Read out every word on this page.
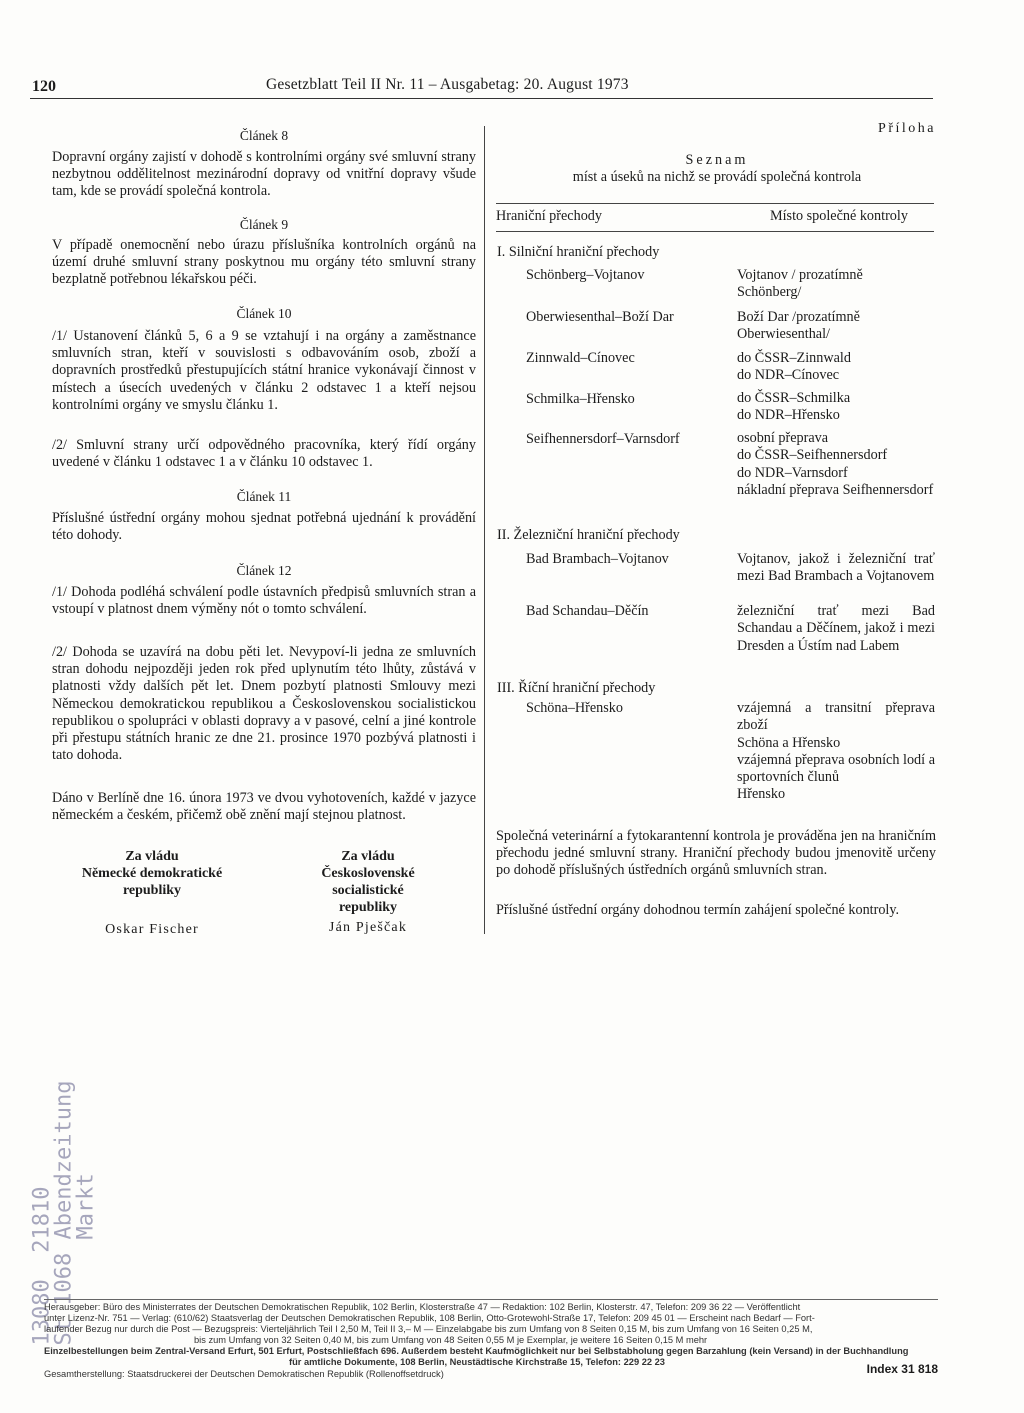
120	Gesetzblatt Teil II Nr. 11 – Ausgabetag: 20. August 1973
Článek 8

Dopravní orgány zajistí v dohodě s kontrolními orgány své smluvní strany nezbytnou oddělitelnost mezinárodní dopravy od vnitřní dopravy všude tam, kde se provádí společná kontrola.

Článek 9

V případě onemocnění nebo úrazu příslušníka kontrolních orgánů na území druhé smluvní strany poskytnou mu orgány této smluvní strany bezplatně potřebnou lékařskou péči.

Článek 10

/1/ Ustanovení článků 5, 6 a 9 se vztahují i na orgány a zaměstnance smluvních stran, kteří v souvislosti s odbavováním osob, zboží a dopravních prostředků přestupujících státní hranice vykonávají činnost v místech a úsecích uvedených v článku 2 odstavec 1 a kteří nejsou kontrolními orgány ve smyslu článku 1.

/2/ Smluvní strany určí odpovědného pracovníka, který řídí orgány uvedené v článku 1 odstavec 1 a v článku 10 odstavec 1.

Článek 11

Příslušné ústřední orgány mohou sjednat potřebná ujednání k provádění této dohody.

Článek 12

/1/ Dohoda podléhá schválení podle ústavních předpisů smluvních stran a vstoupí v platnost dnem výměny nót o tomto schválení.

/2/ Dohoda se uzavírá na dobu pěti let. Nevypoví-li jedna ze smluvních stran dohodu nejpozději jeden rok před uplynutím této lhůty, zůstává v platnosti vždy dalších pět let. Dnem pozbytí platnosti Smlouvy mezi Německou demokratickou republikou a Československou socialistickou republikou o spolupráci v oblasti dopravy a v pasové, celní a jiné kontrole při přestupu státních hranic ze dne 21. prosince 1970 pozbývá platnosti i tato dohoda.

Dáno v Berlíně dne 16. února 1973 ve dvou vyhotoveních, každé v jazyce německém a českém, přičemž obě znění mají stejnou platnost.

Za vládu
Německé demokratické
republiky
Za vládu
Československé
socialistické
republiky
Oskar Fischer	Ján Pješčak
Příloha
Seznam
míst a úseků na nichž se provádí společná kontrola
Hraniční přechody	Místo společné kontroly
I. Silniční hraniční přechody
Schönberg–Vojtanov	Vojtanov / prozatímně Schönberg/
Oberwiesenthal–Boží Dar	Boží Dar /prozatímně Oberwiesenthal/
Zinnwald–Cínovec	do ČSSR–Zinnwald
do NDR–Cínovec
Schmilka–Hřensko	do ČSSR–Schmilka
do NDR–Hřensko
Seifhennersdorf–Varnsdorf	osobní přeprava
do ČSSR–Seifhennersdorf
do NDR–Varnsdorf
nákladní přeprava Seifhennersdorf
II. Železniční hraniční přechody
Bad Brambach–Vojtanov	Vojtanov, jakož i železniční trať mezi Bad Brambach a Vojtanovem
Bad Schandau–Děčín	železniční trať mezi Bad Schandau a Děčínem, jakož i mezi Dresden a Ústím nad Labem
III. Říční hraniční přechody
Schöna–Hřensko	vzájemná a transitní přeprava zboží
Schöna a Hřensko
vzájemná přeprava osobních lodí a sportovních člunů
Hřensko

Společná veterinární a fytokarantenní kontrola je prováděna jen na hraničním přechodu jedné smluvní strany. Hraniční přechody budou jmenovitě určeny po dohodě příslušných ústředních orgánů smluvních stran.

Příslušné ústřední orgány dohodnou termín zahájení společné kontroly.

13080  21810
St 1068 Abendzeitung
Markt
Herausgeber: Büro des Ministerrates der Deutschen Demokratischen Republik, 102 Berlin, Klosterstraße 47 — Redaktion: 102 Berlin, Klosterstr. 47, Telefon: 209 36 22 — Veröffentlicht
unter Lizenz-Nr. 751 — Verlag: (610/62) Staatsverlag der Deutschen Demokratischen Republik, 108 Berlin, Otto-Grotewohl-Straße 17, Telefon: 209 45 01 — Erscheint nach Bedarf — Fort-
laufender Bezug nur durch die Post — Bezugspreis: Vierteljährlich Teil I 2,50 M, Teil II 3,– M — Einzelabgabe bis zum Umfang von 8 Seiten 0,15 M, bis zum Umfang von 16 Seiten 0,25 M,
bis zum Umfang von 32 Seiten 0,40 M, bis zum Umfang von 48 Seiten 0,55 M je Exemplar, je weitere 16 Seiten 0,15 M mehr
Einzelbestellungen beim Zentral-Versand Erfurt, 501 Erfurt, Postschließfach 696. Außerdem besteht Kaufmöglichkeit nur bei Selbstabholung gegen Barzahlung (kein Versand) in der Buchhandlung
für amtliche Dokumente, 108 Berlin, Neustädtische Kirchstraße 15, Telefon: 229 22 23
Gesamtherstellung: Staatsdruckerei der Deutschen Demokratischen Republik (Rollenoffsetdruck)	Index 31 818
